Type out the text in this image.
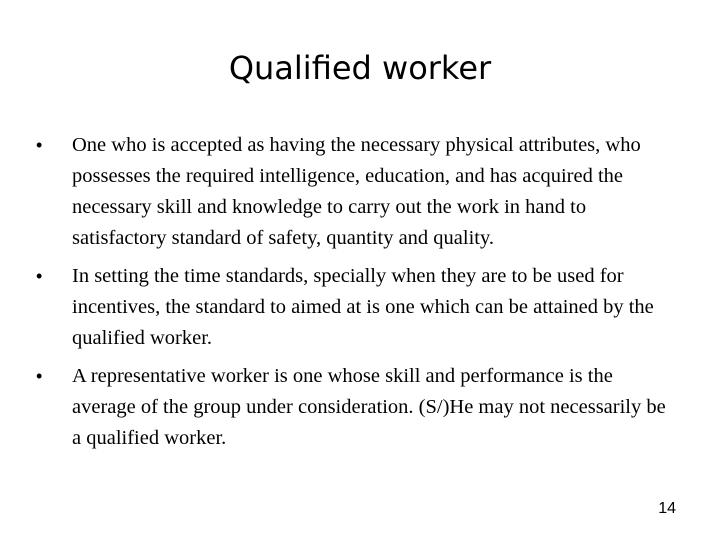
Qualified worker
•	One who is accepted as having the necessary physical attributes, who possesses the required intelligence, education, and has acquired the necessary skill and knowledge to carry out the work in hand to satisfactory standard of safety, quantity and quality.
•	In setting the time standards, specially when they are to be used for incentives, the standard to aimed at is one which can be attained by the qualified worker.
•	A representative worker is one whose skill and performance is the average of the group under consideration. (S/)He may not necessarily be a qualified worker.
14
